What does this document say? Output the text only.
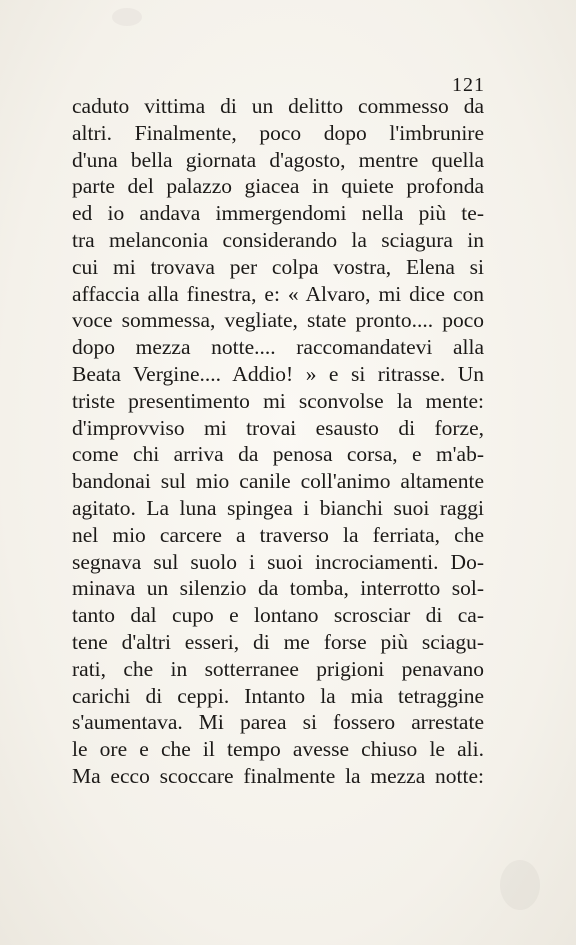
121
caduto vittima di un delitto commesso da
altri. Finalmente, poco dopo l'imbrunire
d'una bella giornata d'agosto, mentre quella
parte del palazzo giacea in quiete profonda
ed io andava immergendomi nella più te-
tra melanconia considerando la sciagura in
cui mi trovava per colpa vostra, Elena si
affaccia alla finestra, e: « Alvaro, mi dice con
voce sommessa, vegliate, state pronto.... poco
dopo mezza notte.... raccomandatevi alla
Beata Vergine.... Addio! » e si ritrasse. Un
triste presentimento mi sconvolse la mente:
d'improvviso mi trovai esausto di forze,
come chi arriva da penosa corsa, e m'ab-
bandonai sul mio canile coll'animo altamente
agitato. La luna spingea i bianchi suoi raggi
nel mio carcere a traverso la ferriata, che
segnava sul suolo i suoi incrociamenti. Do-
minava un silenzio da tomba, interrotto sol-
tanto dal cupo e lontano scrosciar di ca-
tene d'altri esseri, di me forse più sciagu-
rati, che in sotterranee prigioni penavano
carichi di ceppi. Intanto la mia tetraggine
s'aumentava. Mi parea si fossero arrestate
le ore e che il tempo avesse chiuso le ali.
Ma ecco scoccare finalmente la mezza notte:
